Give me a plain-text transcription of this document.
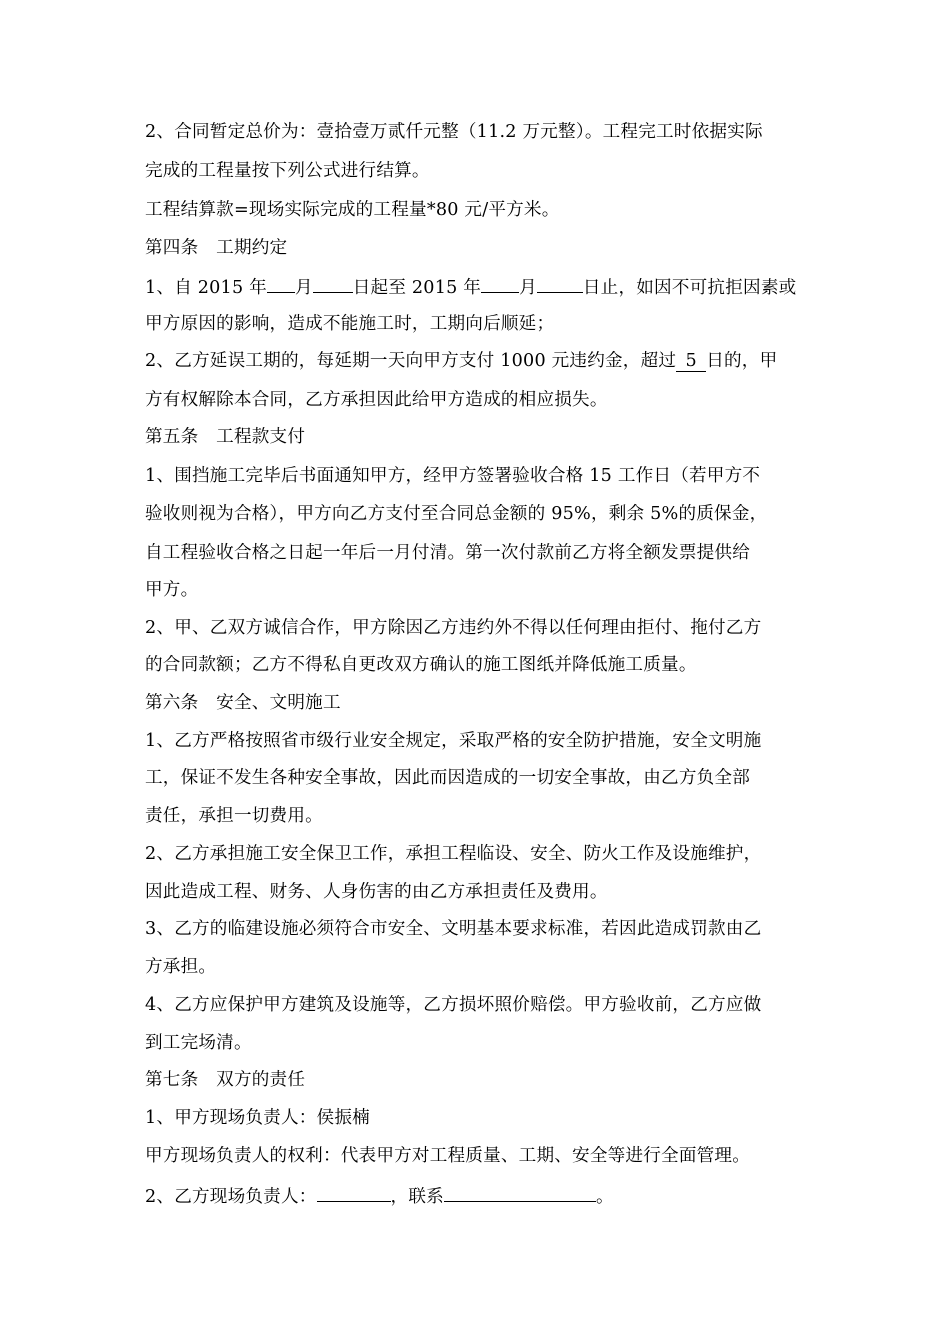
2、合同暂定总价为：壹拾壹万贰仟元整（11.2 万元整）。工程完工时依据实际
完成的工程量按下列公式进行结算。
工程结算款=现场实际完成的工程量*80 元/平方米。
第四条　工期约定
1、自 2015 年 月 日起至 2015 年 月	日止，如因不可抗拒因素或
甲方原因的影响，造成不能施工时，工期向后顺延；
2、乙方延误工期的，每延期一天向甲方支付 1000 元违约金，超过 5 日的，甲
方有权解除本合同，乙方承担因此给甲方造成的相应损失。
第五条　工程款支付
1、围挡施工完毕后书面通知甲方，经甲方签署验收合格 15 工作日（若甲方不
验收则视为合格），甲方向乙方支付至合同总金额的 95%，剩余 5%的质保金，
自工程验收合格之日起一年后一月付清。第一次付款前乙方将全额发票提供给
甲方。
2、甲、乙双方诚信合作，甲方除因乙方违约外不得以任何理由拒付、拖付乙方
的合同款额；乙方不得私自更改双方确认的施工图纸并降低施工质量。
第六条　安全、文明施工
1、乙方严格按照省市级行业安全规定，采取严格的安全防护措施，安全文明施
工，保证不发生各种安全事故，因此而因造成的一切安全事故，由乙方负全部
责任，承担一切费用。
2、乙方承担施工安全保卫工作，承担工程临设、安全、防火工作及设施维护，
因此造成工程、财务、人身伤害的由乙方承担责任及费用。
3、乙方的临建设施必须符合市安全、文明基本要求标准，若因此造成罚款由乙
方承担。
4、乙方应保护甲方建筑及设施等，乙方损坏照价赔偿。甲方验收前，乙方应做
到工完场清。
第七条　双方的责任
1、甲方现场负责人：侯振楠
甲方现场负责人的权利：代表甲方对工程质量、工期、安全等进行全面管理。
2、乙方现场负责人：	，联系	。
